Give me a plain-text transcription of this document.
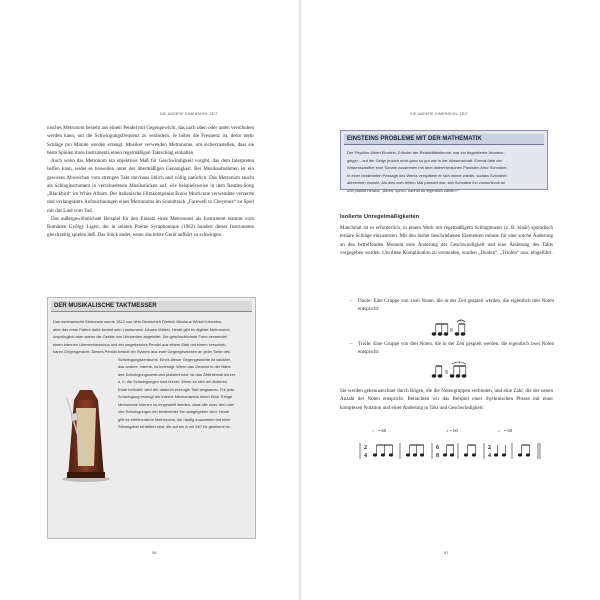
DIE ANDERE DIMENSION: ZEIT

nisches Metronom besteht aus einem Pendel mit Gegengewicht, das nach oben oder unten verschoben werden kann, um die Schwingungsfrequenz zu verändern. Je höher die Frequenz ist, desto mehr Schläge pro Minute werden erzeugt. Musiker verwenden Metronome, um sicherzustellen, dass sie beim Spielen ihres Instruments einen regelmäßigen Taktschlag einhalten.

Auch wenn das Metronom ein objektives Maß für Geschwindigkeit vorgibt, das dem Interpreten helfen kann, leidet es bisweilen unter der übermäßigen Genauigkeit. Bei Musikaufnahmen ist ein gewisses Abweichen vom strengen Takt durchaus üblich und völlig natürlich. Das Metronom taucht als Schlaginstrument in verschiedenen Musikstücken auf, wie beispielsweise in dem Beatles-Song „Blackbird“ im White Album. Der italienische Filmkomponist Ennio Morricone verwendete verzerrte und verlangsamte Aufzeichnungen eines Metronoms im Soundtrack „Farewell to Cheyenne“ zu Spiel mir das Lied vom Tod.

Das außergewöhnlichste Beispiel für den Einsatz eines Metronoms als Instrument stammt vom Rumänen György Ligeti, der in seinem Poème Symphonique (1962) hundert dieser Instrumente gleichzeitig spielen ließ. Das Stück endet, wenn das letzte Gerät aufhört zu schwingen.

DER MUSIKALISCHE TAKTMESSER
Das mechanische Metronom wurde 1812 von dem Deutschen Dietrich Nikolaus Winkel erfunden,
aber das erste Patent dafür besitzt sein Landsmann Johann Mälzel. Heute gibt es digitale Metronome,
ursprünglich aber waren die Geräte von Uhrwerken abgeleitet. Die gebräuchlichste Form verwendet
einen internen Uhrmechanismus und ein umgekehrtes Pendel aus einem Stab mit einem verschieb-
baren Gegengewicht. Dieses Pendel besitzt ein System aus zwei Gegengewichten an jeder Seite des
Schwingungszentrums. Eines dieser Gegengewichte ist variabel,
das andere, interne, ist befestigt. Wenn das Gewicht in der Nähe
des Schwingungszentrums platziert wird, ist das Zeitintervall kürzer,
d. h. die Schwingungen sind kürzer. Wenn es sich am äußeren
Ende befindet, wird der dadurch erzeugte Takt langsamer. Für jede
Schwingung erzeugt der interne Mechanismus einen Klick. Einige
Metronome können so eingestellt werden, dass alle zwei, drei oder
vier Schwingungen ein bestimmter Ton ausgegeben wird. Heute
gibt es elektronische Metronome, die häufig zusammen mit einer
Stimmgabel erhältlich sind, die auf ein A mit 440 Hz gestimmt ist.
56
DIE ANDERE DIMENSION: ZEIT
EINSTEINS PROBLEME MIT DER MATHEMATIK
Der Physiker Albert Einstein, Erfinder der Relativitätstheorie, war ein begeisterter Amateur-
geiger – auf der Geige jedoch nicht ganz so gut wie in der Wissenschaft. Einmal übte der
Wissenschaftler eine Sonate zusammen mit dem österreichischen Pianisten Artur Schnabel.
In einer bestimmten Passage des Werks verspätete er sich immer wieder, sodass Schnabel
abbrechen musste. Als dies zum dritten Mal passiert war, sah Schnabel ihn vorwurfsvoll an
und platzte heraus: „Albert, sprich, kannst du eigentlich zählen?“
Isolierte Unregelmäßigkeiten

Manchmal ist es erforderlich, in einem Werk mit regelmäßigem Schlagmuster (z. B. binär) sporadisch ternäre Schläge einzusetzen. Mit den bisher beschriebenen Elementen müsste für eine solche Änderung an den betreffenden Moment eine Änderung der Geschwindigkeit und eine Änderung des Takts vorgegeben werden. Um diese Komplikation zu vermeiden, wurden „Duolen“, „Triolen“ usw. eingeführt.

– Duole: Eine Gruppe von zwei Noten, die in der Zeit gespielt werden, die eigentlich drei Noten entspricht:
2
– Triole: Eine Gruppe von drei Noten, die in der Zeit gespielt werden, die eigentlich zwei Noten entspricht:
3
Sie werden gekennzeichnet durch Bögen, die die Notengruppen verbinden, und eine Zahl, die der neuen Anzahl der Noten entspricht. Betrachten wir das Beispiel einer rhythmischen Phrase mit einer komplexen Notation und einer Änderung in Takt und Geschwindigkeit:
♩ = 60	♪ = 60	♩ = 60
2
4
6
8
2
4
57
